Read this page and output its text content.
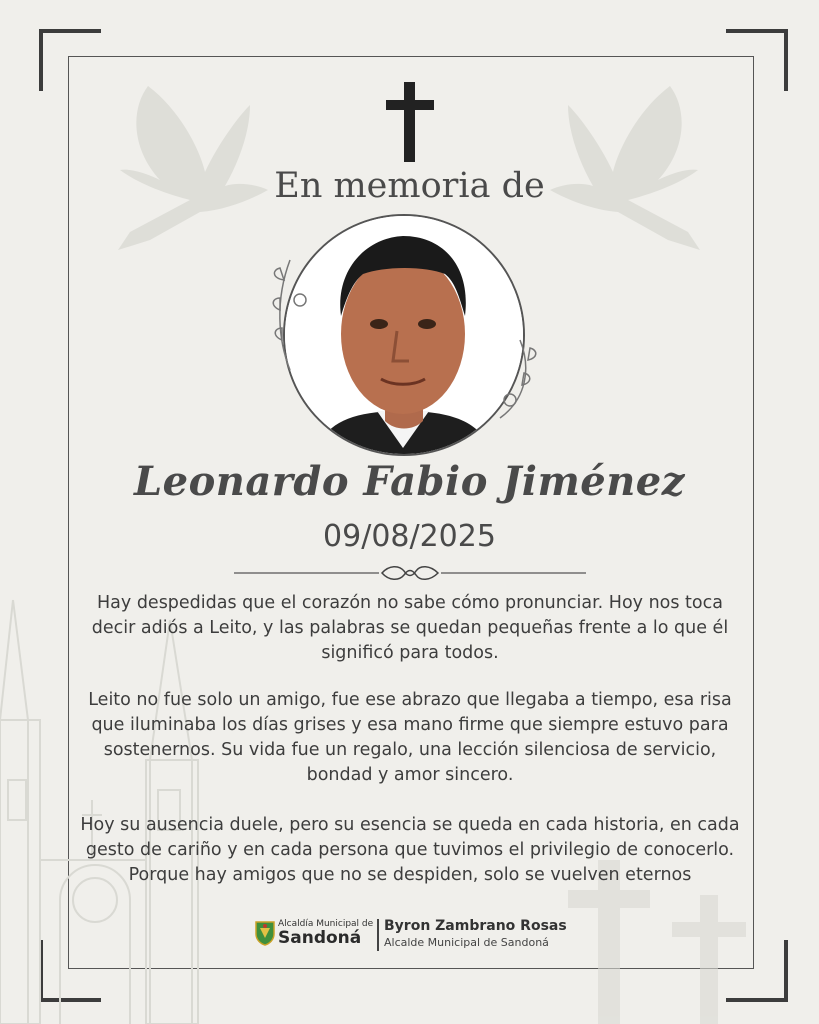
En memoria de
Leonardo Fabio Jiménez
09/08/2025
Hay despedidas que el corazón no sabe cómo pronunciar. Hoy nos toca decir adiós a Leito, y las palabras se quedan pequeñas frente a lo que él significó para todos.
Leito no fue solo un amigo, fue ese abrazo que llegaba a tiempo, esa risa que iluminaba los días grises y esa mano firme que siempre estuvo para sostenernos. Su vida fue un regalo, una lección silenciosa de servicio, bondad y amor sincero.
Hoy su ausencia duele, pero su esencia se queda en cada historia, en cada gesto de cariño y en cada persona que tuvimos el privilegio de conocerlo. Porque hay amigos que no se despiden, solo se vuelven eternos
Alcaldía Municipal de
Sandoná
Byron Zambrano Rosas
Alcalde Municipal de Sandoná
